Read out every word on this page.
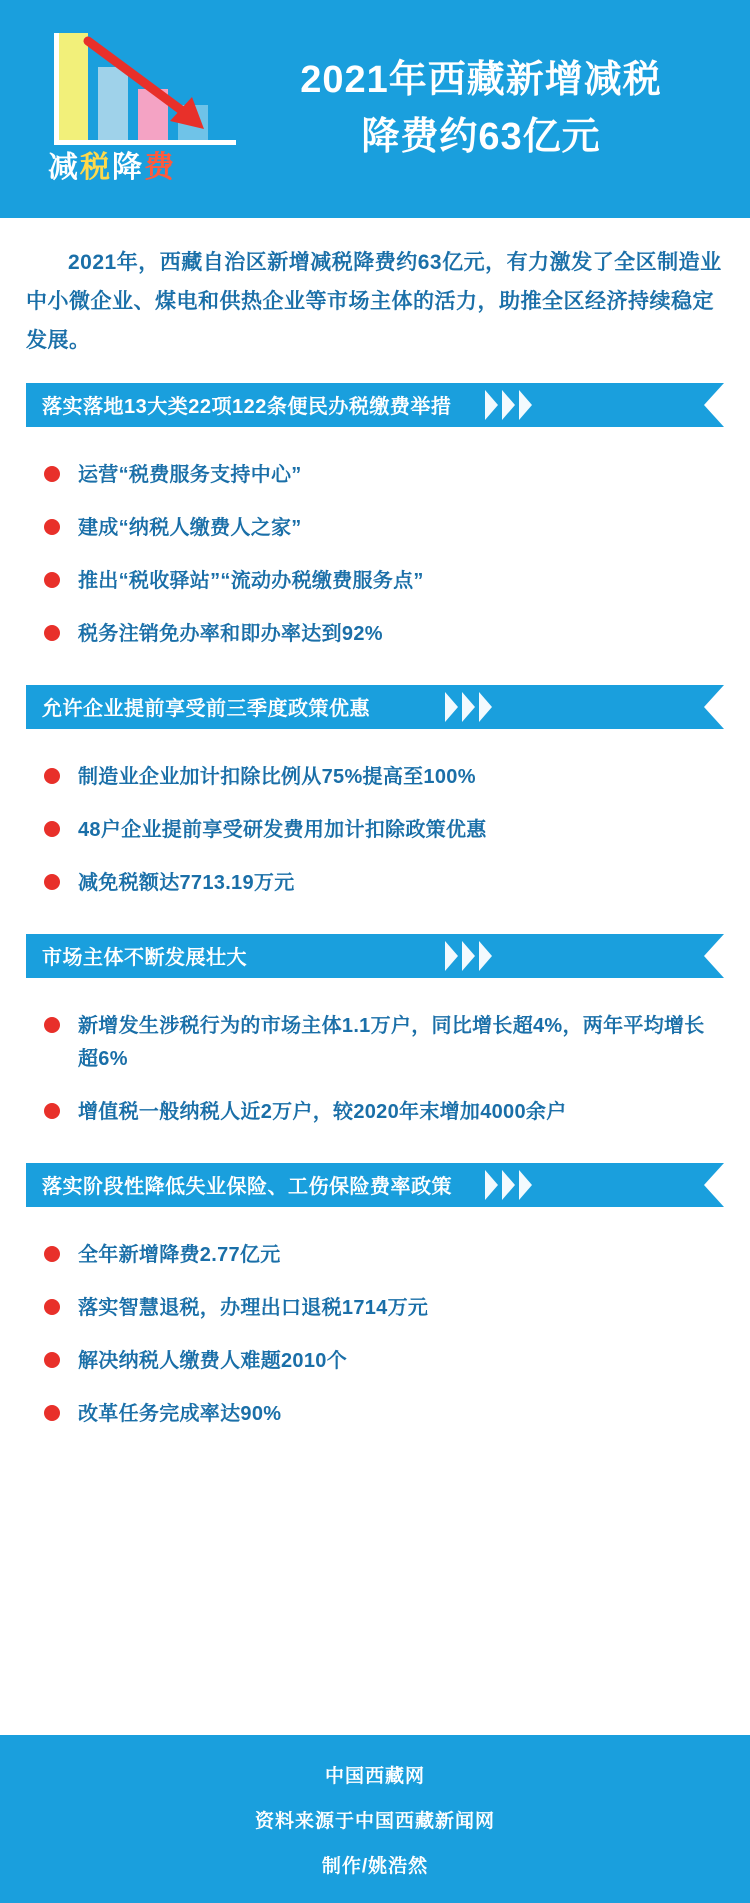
减税降费
2021年西藏新增减税
降费约63亿元
2021年，西藏自治区新增减税降费约63亿元，有力激发了全区制造业中小微企业、煤电和供热企业等市场主体的活力，助推全区经济持续稳定发展。
落实落地13大类22项122条便民办税缴费举措
运营“税费服务支持中心”
建成“纳税人缴费人之家”
推出“税收驿站”“流动办税缴费服务点”
税务注销免办率和即办率达到92%
允许企业提前享受前三季度政策优惠
制造业企业加计扣除比例从75%提高至100%
48户企业提前享受研发费用加计扣除政策优惠
减免税额达7713.19万元
市场主体不断发展壮大
新增发生涉税行为的市场主体1.1万户，同比增长超4%，两年平均增长超6%
增值税一般纳税人近2万户，较2020年末增加4000余户
落实阶段性降低失业保险、工伤保险费率政策
全年新增降费2.77亿元
落实智慧退税，办理出口退税1714万元
解决纳税人缴费人难题2010个
改革任务完成率达90%
中国西藏网
资料来源于中国西藏新闻网
制作/姚浩然
